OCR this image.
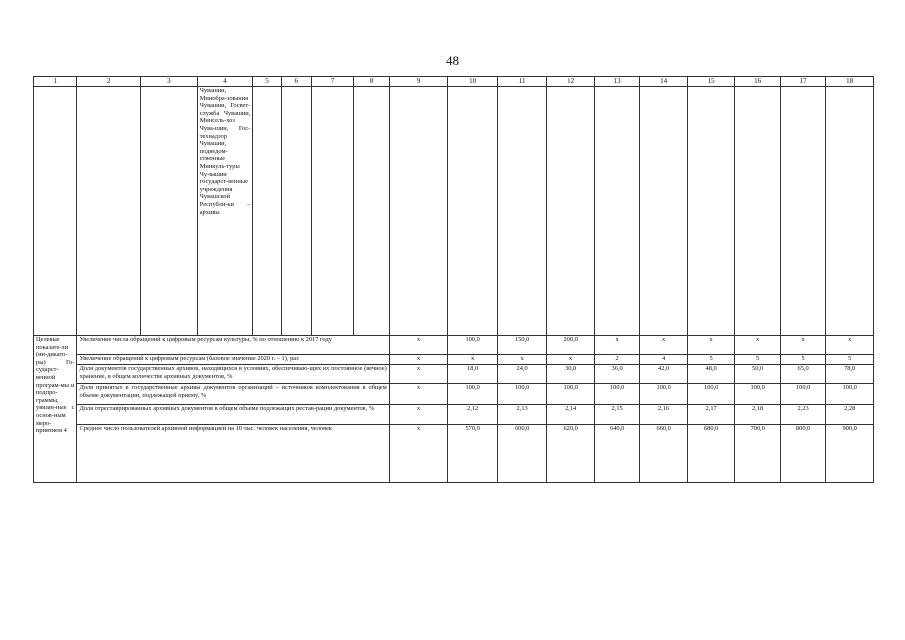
48
1	2	3	4	5	6	7	8	9	10	11	12	13	14	15	16	17	18
			Чувашии, Минобра-зования Чувашии, Госвет-служба Чувашии, Минсель-хоз Чува-шии, Гос-технадзор Чувашии, подведом-ственные Минкуль-туры Чу-вашии государст-венные учреждения Чувашской Республи-ки – архивы														
Целевые показате-ли (ин-дикато-ры) Го-сударст-венной програм-мы и подпро-граммы, увязан-ные с основ-ным меро-приятием 4	Увеличение числа обращений к цифровым ресурсам культуры, % по отношению к 2017 году							x	100,0	150,0	200,0	x	x	x	x	x	x
	Увеличение обращений к цифровым ресурсам (базовое значение 2020 г. – 1), раз							x	x	x	x	2	4	5	5	5	5
	Доля документов государственных архивов, находящихся в условиях, обеспечиваю-щих их постоянное (вечное) хранение, в общем количестве архивных документов, %							x	18,0	24,0	30,0	36,0	42,0	48,0	50,0	65,0	78,0
	Доля принятых в государственные архивы документов организаций – источников комплектования в общем объеме документации, подлежащей приему, %							x	100,0	100,0	100,0	100,0	100,0	100,0	100,0	100,0	100,0
	Доля отреставрированных архивных документов в общем объеме подлежащих рестав-рации документов, %							x	2,12	2,13	2,14	2,15	2,16	2,17	2,18	2,23	2,28
	Среднее число пользователей архивной информацией на 10 тыс. человек населения, человек							x	570,0	600,0	620,0	640,0	660,0	680,0	700,0	800,0	900,0
